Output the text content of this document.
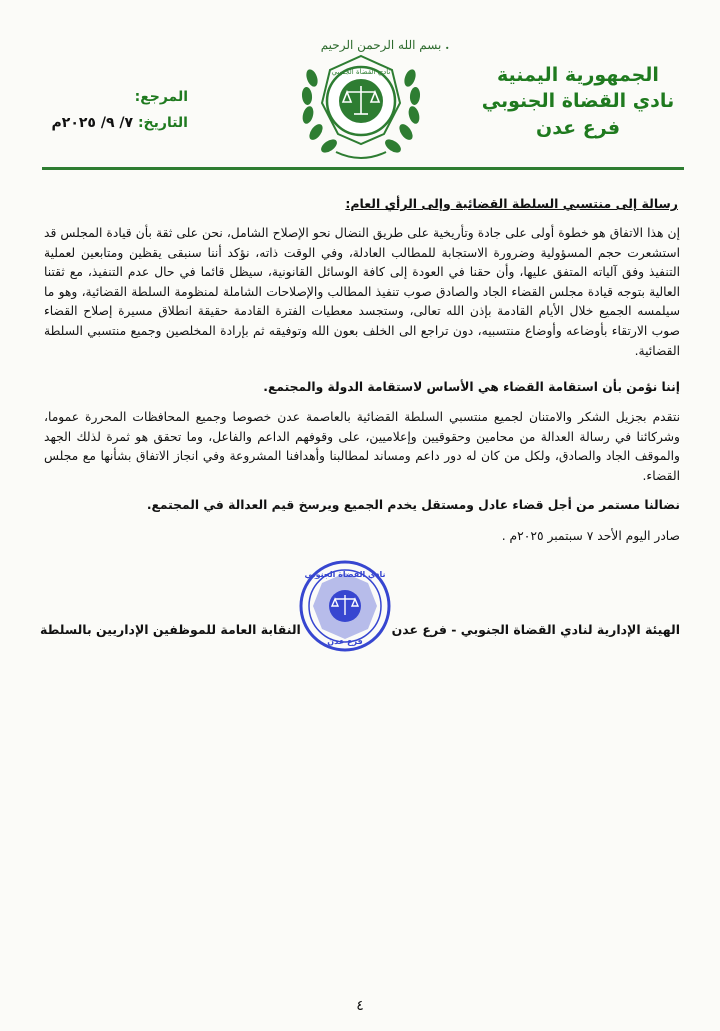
بسم الله الرحمن الرحيم .
الجمهورية اليمنية
نادي القضاة الجنوبي
فرع عدن
المرجع:
التاريخ: ٧/ ٩/ ٢٠٢٥م
نادي القضاة الجنوبي
رسالة إلى منتسبي السلطة القضائية وإلى الرأي العام:

إن هذا الاتفاق هو خطوة أولى على جادة وتأريخية على طريق النضال نحو الإصلاح الشامل، نحن على ثقة بأن قيادة المجلس قد استشعرت حجم المسؤولية وضرورة الاستجابة للمطالب العادلة، وفي الوقت ذاته، نؤكد أننا سنبقى يقظين ومتابعين لعملية التنفيذ وفق آلياته المتفق عليها، وأن حقنا في العودة إلى كافة الوسائل القانونية، سيظل قائما في حال عدم التنفيذ، مع ثقتنا العالية بتوجه قيادة مجلس القضاء الجاد والصادق صوب تنفيذ المطالب والإصلاحات الشاملة لمنظومة السلطة القضائية، وهو ما سيلمسه الجميع خلال الأيام القادمة بإذن الله تعالى، وستجسد معطيات الفترة القادمة حقيقة انطلاق مسيرة إصلاح القضاء صوب الارتقاء بأوضاعه وأوضاع منتسبيه، دون تراجع الى الخلف بعون الله وتوفيقه ثم بإرادة المخلصين وجميع منتسبي السلطة القضائية.

إننا نؤمن بأن استقامة القضاء هي الأساس لاستقامة الدولة والمجتمع.

نتقدم بجزيل الشكر والامتنان لجميع منتسبي السلطة القضائية بالعاصمة عدن خصوصا وجميع المحافظات المحررة عموما، وشركائنا في رسالة العدالة من محامين وحقوقيين وإعلاميين، على وقوفهم الداعم والفاعل، وما تحقق هو ثمرة لذلك الجهد والموقف الجاد والصادق، ولكل من كان له دور داعم ومساند لمطالبنا وأهدافنا المشروعة وفي انجاز الاتفاق بشأنها مع مجلس القضاء.

نضالنا مستمر من أجل قضاء عادل ومستقل يخدم الجميع ويرسخ قيم العدالة في المجتمع.

صادر اليوم الأحد ٧ سبتمبر ٢٠٢٥م .

نادي القضاة الجنوبي
فرع عدن
الهيئة الإدارية لنادي القضاة الجنوبي - فرع عدن
النقابة العامة للموظفين الإداريين بالسلطة
٤
